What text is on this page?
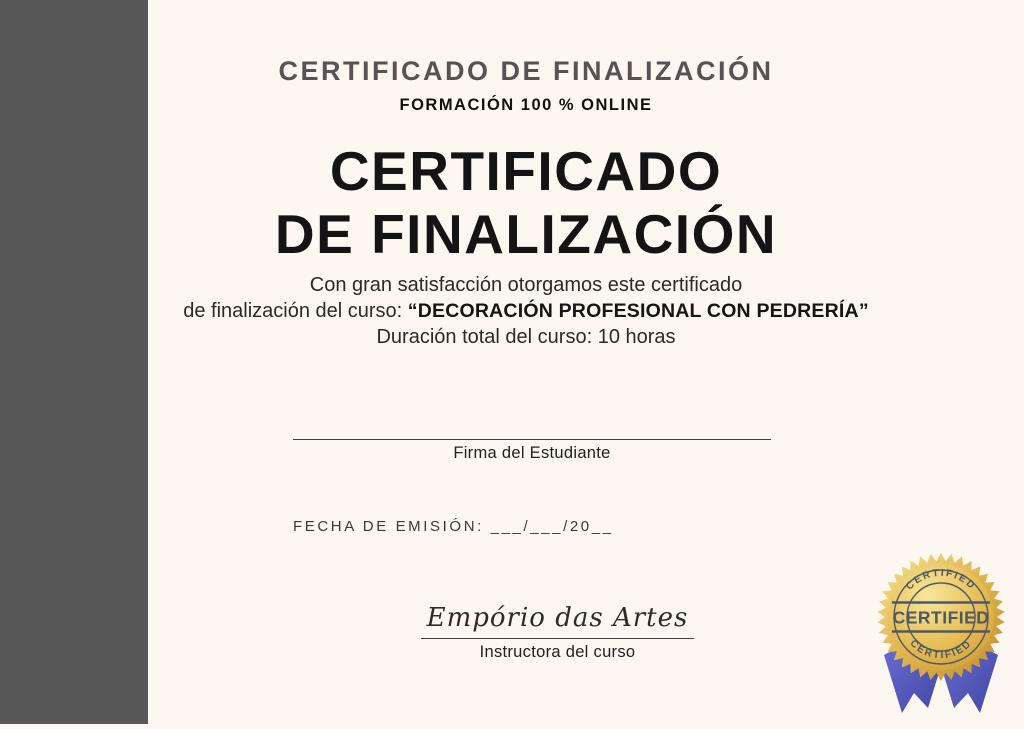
CERTIFICADO DE FINALIZACIÓN
FORMACIÓN 100 % ONLINE
CERTIFICADO
DE FINALIZACIÓN
Con gran satisfacción otorgamos este certificado
de finalización del curso: “DECORACIÓN PROFESIONAL CON PEDRERÍA”
Duración total del curso: 10 horas
Firma del Estudiante
FECHA DE EMISIÓN: ___/___/20__
Empório das Artes
Instructora del curso
CERTIFIED
CERTIFIED
CERTIFIED
